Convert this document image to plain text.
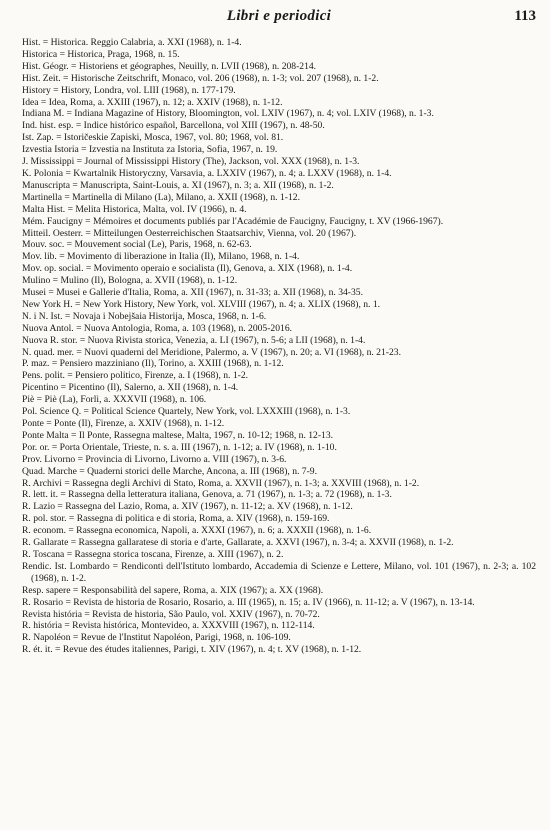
Libri e periodici	113
Hist. = Historica. Reggio Calabria, a. XXI (1968), n. 1-4.
Historica = Historica, Praga, 1968, n. 15.
Hist. Géogr. = Historiens et géographes, Neuilly, n. LVII (1968), n. 208-214.
Hist. Zeit. = Historische Zeitschrift, Monaco, vol. 206 (1968), n. 1-3; vol. 207 (1968), n. 1-2.
History = History, Londra, vol. LIII (1968), n. 177-179.
Idea = Idea, Roma, a. XXIII (1967), n. 12; a. XXIV (1968), n. 1-12.
Indiana M. = Indiana Magazine of History, Bloomington, vol. LXIV (1967), n. 4; vol. LXIV (1968), n. 1-3.
Ind. hist. esp. = Indice histórico español, Barcellona, vol XIII (1967), n. 48-50.
Ist. Zap. = Istoričeskie Zapiski, Mosca, 1967, vol. 80; 1968, vol. 81.
Izvestia Istoria = Izvestia na Instituta za Istoria, Sofia, 1967, n. 19.
J. Mississippi = Journal of Mississippi History (The), Jackson, vol. XXX (1968), n. 1-3.
K. Polonia = Kwartalnik Historyczny, Varsavia, a. LXXIV (1967), n. 4; a. LXXV (1968), n. 1-4.
Manuscripta = Manuscripta, Saint-Louis, a. XI (1967), n. 3; a. XII (1968), n. 1-2.
Martinella = Martinella di Milano (La), Milano, a. XXII (1968), n. 1-12.
Malta Hist. = Melita Historica, Malta, vol. IV (1966), n. 4.
Mém. Faucigny = Mémoires et documents publiés par l'Académie de Faucigny, Faucigny, t. XV (1966-1967).
Mitteil. Oesterr. = Mitteilungen Oesterreichischen Staatsarchiv, Vienna, vol. 20 (1967).
Mouv. soc. = Mouvement social (Le), Paris, 1968, n. 62-63.
Mov. lib. = Movimento di liberazione in Italia (Il), Milano, 1968, n. 1-4.
Mov. op. social. = Movimento operaio e socialista (Il), Genova, a. XIX (1968), n. 1-4.
Mulino = Mulino (Il), Bologna, a. XVII (1968), n. 1-12.
Musei = Musei e Gallerie d'Italia, Roma, a. XII (1967), n. 31-33; a. XII (1968), n. 34-35.
New York H. = New York History, New York, vol. XLVIII (1967), n. 4; a. XLIX (1968), n. 1.
N. i N. Ist. = Novaja i Nobejšaia Historija, Mosca, 1968, n. 1-6.
Nuova Antol. = Nuova Antologia, Roma, a. 103 (1968), n. 2005-2016.
Nuova R. stor. = Nuova Rivista storica, Venezia, a. LI (1967), n. 5-6; a LII (1968), n. 1-4.
N. quad. mer. = Nuovi quaderni del Meridione, Palermo, a. V (1967), n. 20; a. VI (1968), n. 21-23.
P. maz. = Pensiero mazziniano (Il), Torino, a. XXIII (1968), n. 1-12.
Pens. polit. = Pensiero politico, Firenze, a. I (1968), n. 1-2.
Picentino = Picentino (Il), Salerno, a. XII (1968), n. 1-4.
Piè = Piè (La), Forlì, a. XXXVII (1968), n. 106.
Pol. Science Q. = Political Science Quartely, New York, vol. LXXXIII (1968), n. 1-3.
Ponte = Ponte (Il), Firenze, a. XXIV (1968), n. 1-12.
Ponte Malta = Il Ponte, Rassegna maltese, Malta, 1967, n. 10-12; 1968, n. 12-13.
Por. or. = Porta Orientale, Trieste, n. s. a. III (1967), n. 1-12; a. IV (1968), n. 1-10.
Prov. Livorno = Provincia di Livorno, Livorno a. VIII (1967), n. 3-6.
Quad. Marche = Quaderni storici delle Marche, Ancona, a. III (1968), n. 7-9.
R. Archivi = Rassegna degli Archivi di Stato, Roma, a. XXVII (1967), n. 1-3; a. XXVIII (1968), n. 1-2.
R. lett. it. = Rassegna della letteratura italiana, Genova, a. 71 (1967), n. 1-3; a. 72 (1968), n. 1-3.
R. Lazio = Rassegna del Lazio, Roma, a. XIV (1967), n. 11-12; a. XV (1968), n. 1-12.
R. pol. stor. = Rassegna di politica e di storia, Roma, a. XIV (1968), n. 159-169.
R. econom. = Rassegna economica, Napoli, a. XXXI (1967), n. 6; a. XXXII (1968), n. 1-6.
R. Gallarate = Rassegna gallaratese di storia e d'arte, Gallarate, a. XXVI (1967), n. 3-4; a. XXVII (1968), n. 1-2.
R. Toscana = Rassegna storica toscana, Firenze, a. XIII (1967), n. 2.
Rendic. Ist. Lombardo = Rendiconti dell'Istituto lombardo, Accademia di Scienze e Lettere, Milano, vol. 101 (1967), n. 2-3; a. 102 (1968), n. 1-2.
Resp. sapere = Responsabilità del sapere, Roma, a. XIX (1967); a. XX (1968).
R. Rosario = Revista de historia de Rosario, Rosario, a. III (1965), n. 15; a. IV (1966), n. 11-12; a. V (1967), n. 13-14.
Revista história = Revista de historia, São Paulo, vol. XXIV (1967), n. 70-72.
R. história = Revista histórica, Montevideo, a. XXXVIII (1967), n. 112-114.
R. Napoléon = Revue de l'Institut Napoléon, Parigi, 1968, n. 106-109.
R. ét. it. = Revue des études italiennes, Parigi, t. XIV (1967), n. 4; t. XV (1968), n. 1-12.
